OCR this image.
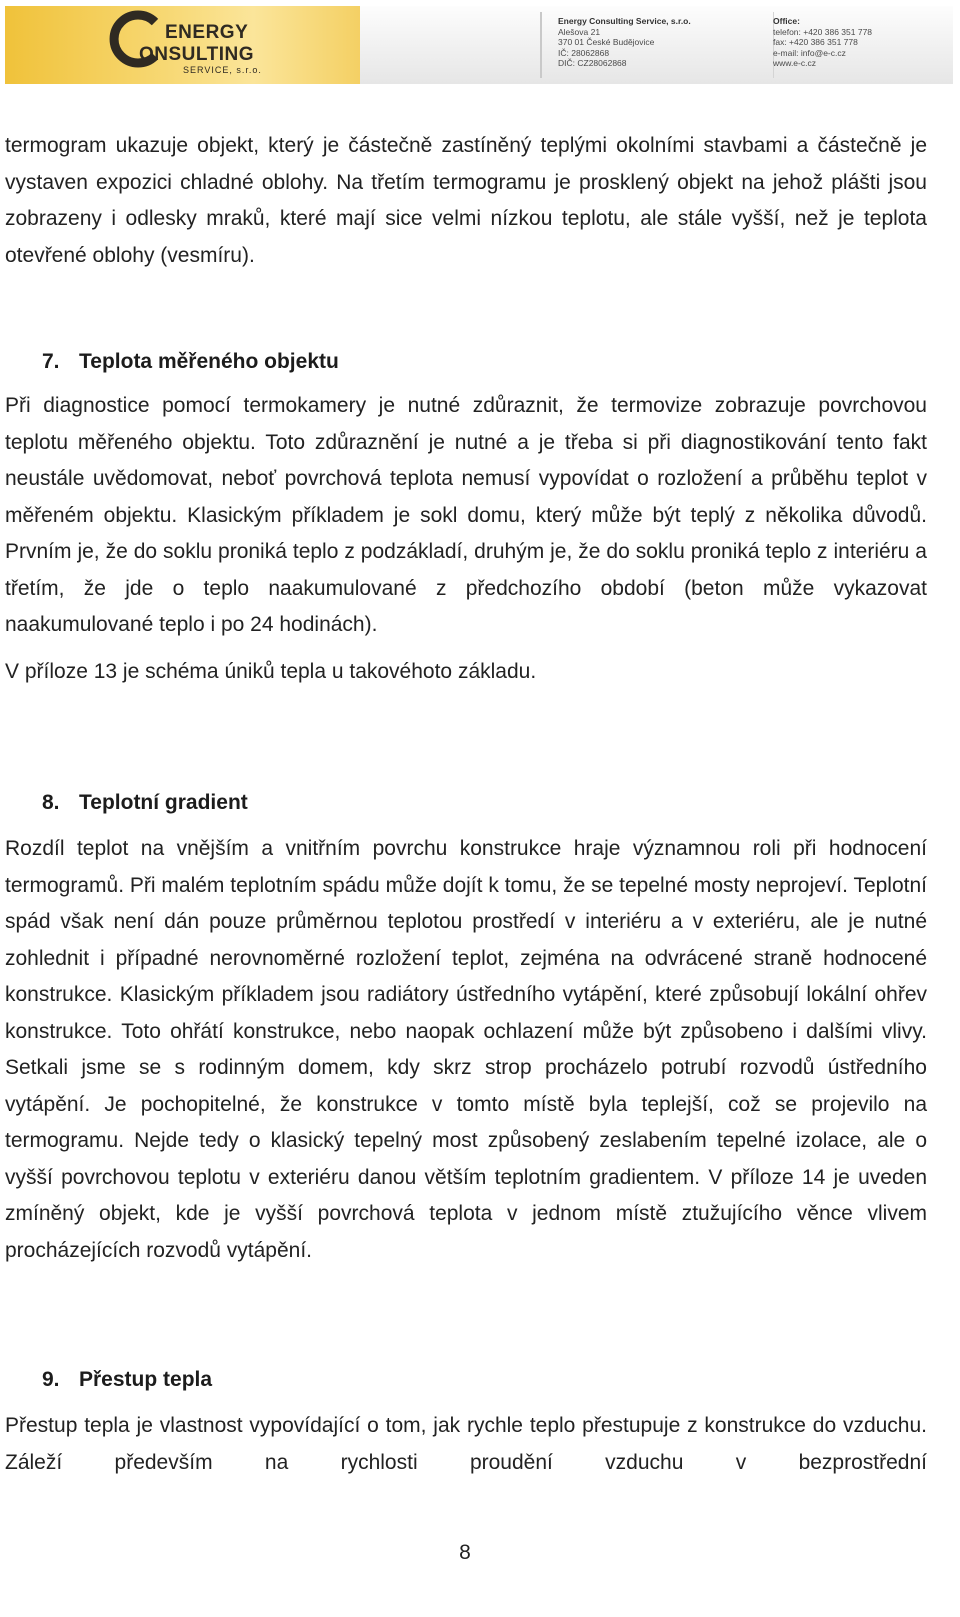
ENERGY
ONSULTING
SERVICE, s.r.o.
Energy Consulting Service, s.r.o.
Alešova 21
370 01 České Budějovice
IČ: 28062868
DIČ: CZ28062868
Office:
telefon: +420 386 351 778
fax: +420 386 351 778
e-mail: info@e-c.cz
www.e-c.cz

termogram ukazuje objekt, který je částečně zastíněný teplými okolními stavbami a částečně je vystaven expozici chladné oblohy. Na třetím termogramu je prosklený objekt na jehož plášti jsou zobrazeny i odlesky mraků, které mají sice velmi nízkou teplotu, ale stále vyšší, než je teplota otevřené oblohy (vesmíru).

7. Teplota měřeného objektu

Při diagnostice pomocí termokamery je nutné zdůraznit, že termovize zobrazuje povrchovou teplotu měřeného objektu. Toto zdůraznění je nutné a je třeba si při diagnostikování tento fakt neustále uvědomovat, neboť povrchová teplota nemusí vypovídat o rozložení a průběhu teplot v měřeném objektu. Klasickým příkladem je sokl domu, který může být teplý z několika důvodů. Prvním je, že do soklu proniká teplo z podzákladí, druhým je, že do soklu proniká teplo z interiéru a třetím, že jde o teplo naakumulované z předchozího období (beton může vykazovat naakumulované teplo i po 24 hodinách).

V příloze 13 je schéma úniků tepla u takovéhoto základu.

8. Teplotní gradient

Rozdíl teplot na vnějším a vnitřním povrchu konstrukce hraje významnou roli při hodnocení termogramů. Při malém teplotním spádu může dojít k tomu, že se tepelné mosty neprojeví. Teplotní spád však není dán pouze průměrnou teplotou prostředí v interiéru a v exteriéru, ale je nutné zohlednit i případné nerovnoměrné rozložení teplot, zejména na odvrácené straně hodnocené konstrukce. Klasickým příkladem jsou radiátory ústředního vytápění, které způsobují lokální ohřev konstrukce. Toto ohřátí konstrukce, nebo naopak ochlazení může být způsobeno i dalšími vlivy. Setkali jsme se s rodinným domem, kdy skrz strop procházelo potrubí rozvodů ústředního vytápění. Je pochopitelné, že konstrukce v tomto místě byla teplejší, což se projevilo na termogramu. Nejde tedy o klasický tepelný most způsobený zeslabením tepelné izolace, ale o vyšší povrchovou teplotu v exteriéru danou větším teplotním gradientem. V příloze 14 je uveden zmíněný objekt, kde je vyšší povrchová teplota v jednom místě ztužujícího věnce vlivem procházejících rozvodů vytápění.

9. Přestup tepla

Přestup tepla je vlastnost vypovídající o tom, jak rychle teplo přestupuje z konstrukce do vzduchu. Záleží především na rychlosti proudění vzduchu v bezprostřední

8
